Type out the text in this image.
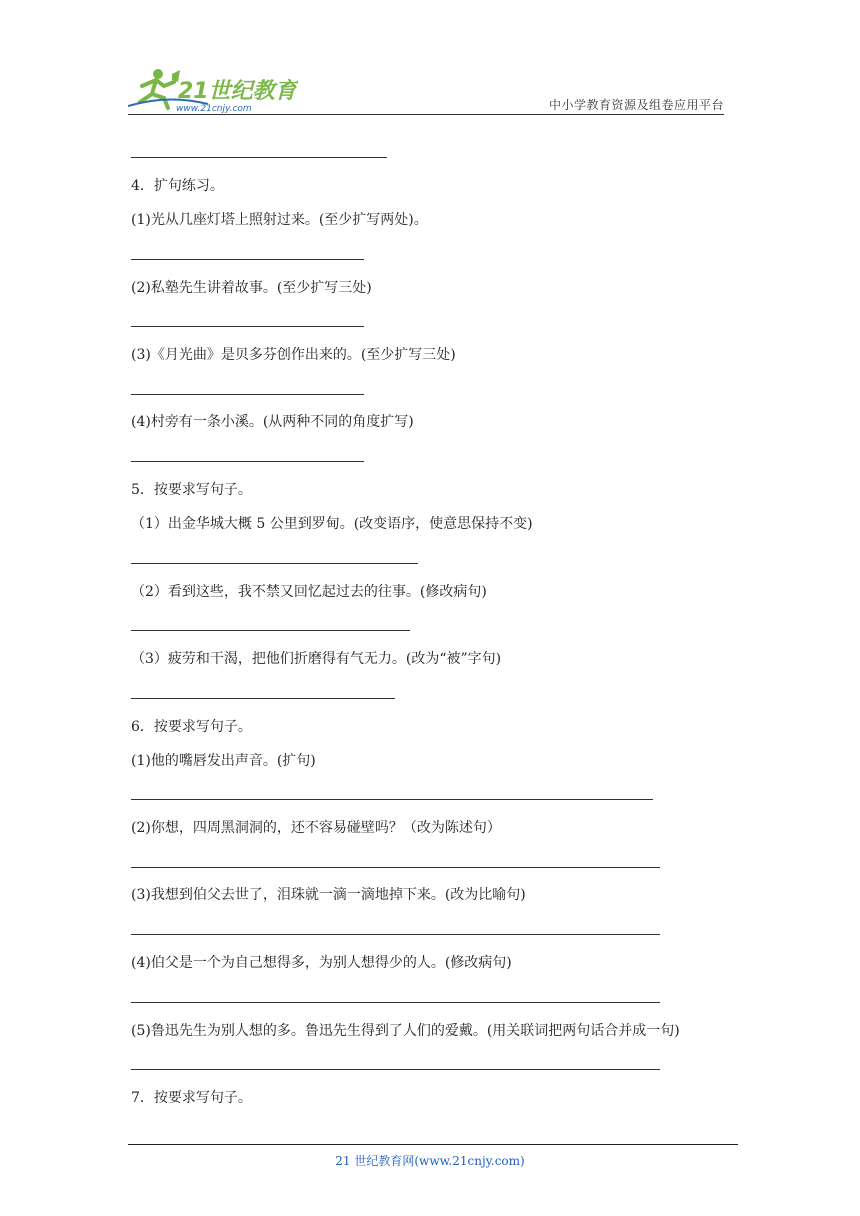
21世纪教育
www.21cnjy.com	中小学教育资源及组卷应用平台
4．扩句练习。
(1)光从几座灯塔上照射过来。(至少扩写两处)。
(2)私塾先生讲着故事。(至少扩写三处)
(3)《月光曲》是贝多芬创作出来的。(至少扩写三处)
(4)村旁有一条小溪。(从两种不同的角度扩写)
5．按要求写句子。
（1）出金华城大概 5 公里到罗甸。(改变语序，使意思保持不变)
（2）看到这些，我不禁又回忆起过去的往事。(修改病句)
（3）疲劳和干渴，把他们折磨得有气无力。(改为“被”字句)
6．按要求写句子。
(1)他的嘴唇发出声音。(扩句)
(2)你想，四周黑洞洞的，还不容易碰壁吗？（改为陈述句）
(3)我想到伯父去世了，泪珠就一滴一滴地掉下来。(改为比喻句)
(4)伯父是一个为自己想得多，为别人想得少的人。(修改病句)
(5)鲁迅先生为别人想的多。鲁迅先生得到了人们的爱戴。(用关联词把两句话合并成一句)
7．按要求写句子。
21 世纪教育网(www.21cnjy.com)
